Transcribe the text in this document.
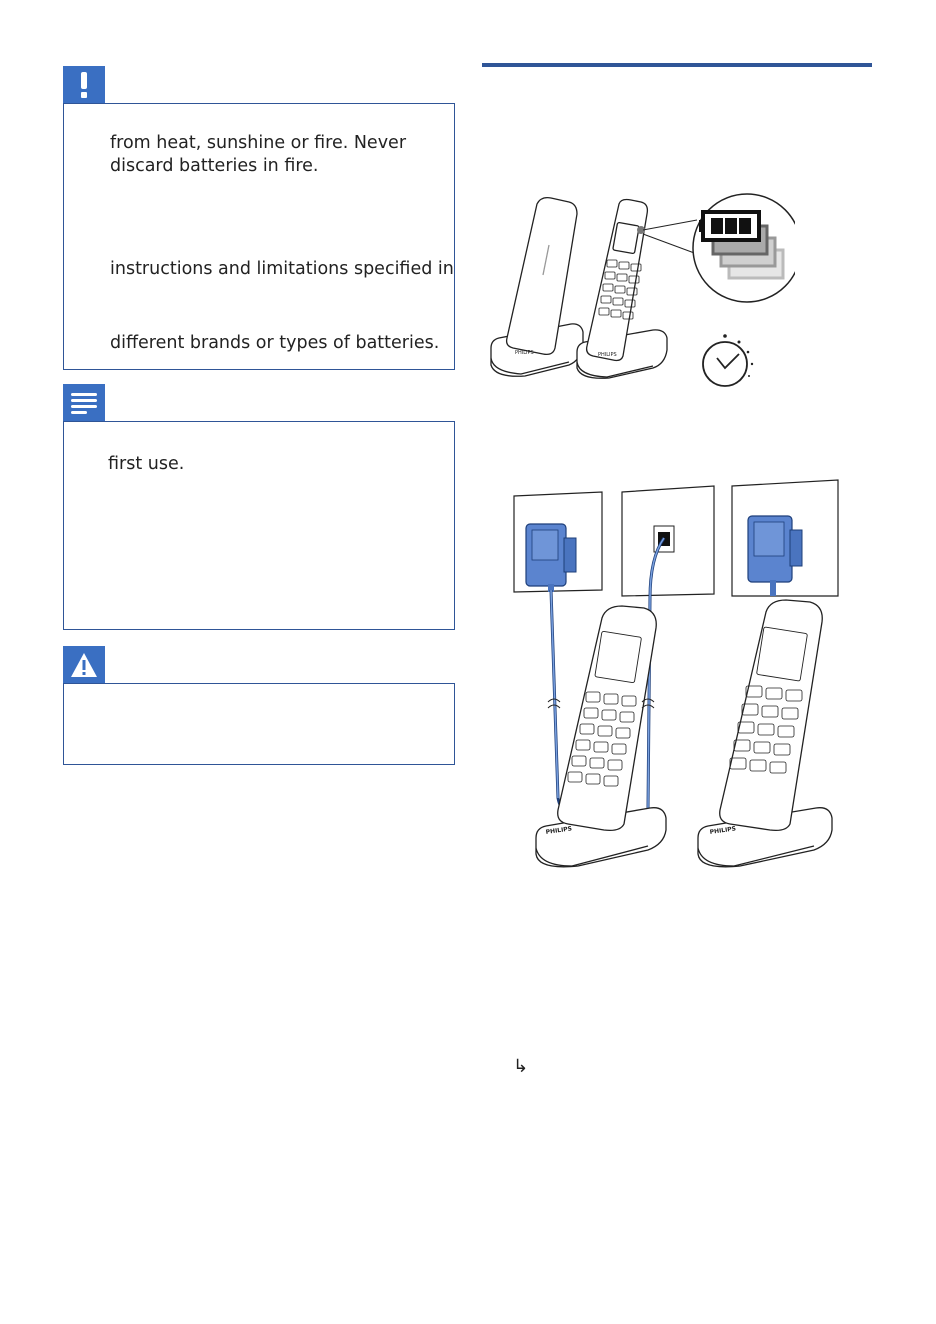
from heat, sunshine or fire. Never
discard batteries in fire.
instructions and limitations specified in
different brands or types of batteries.
first use.
PHILIPS	PHILIPS
PHILIPS	PHILIPS
↳
